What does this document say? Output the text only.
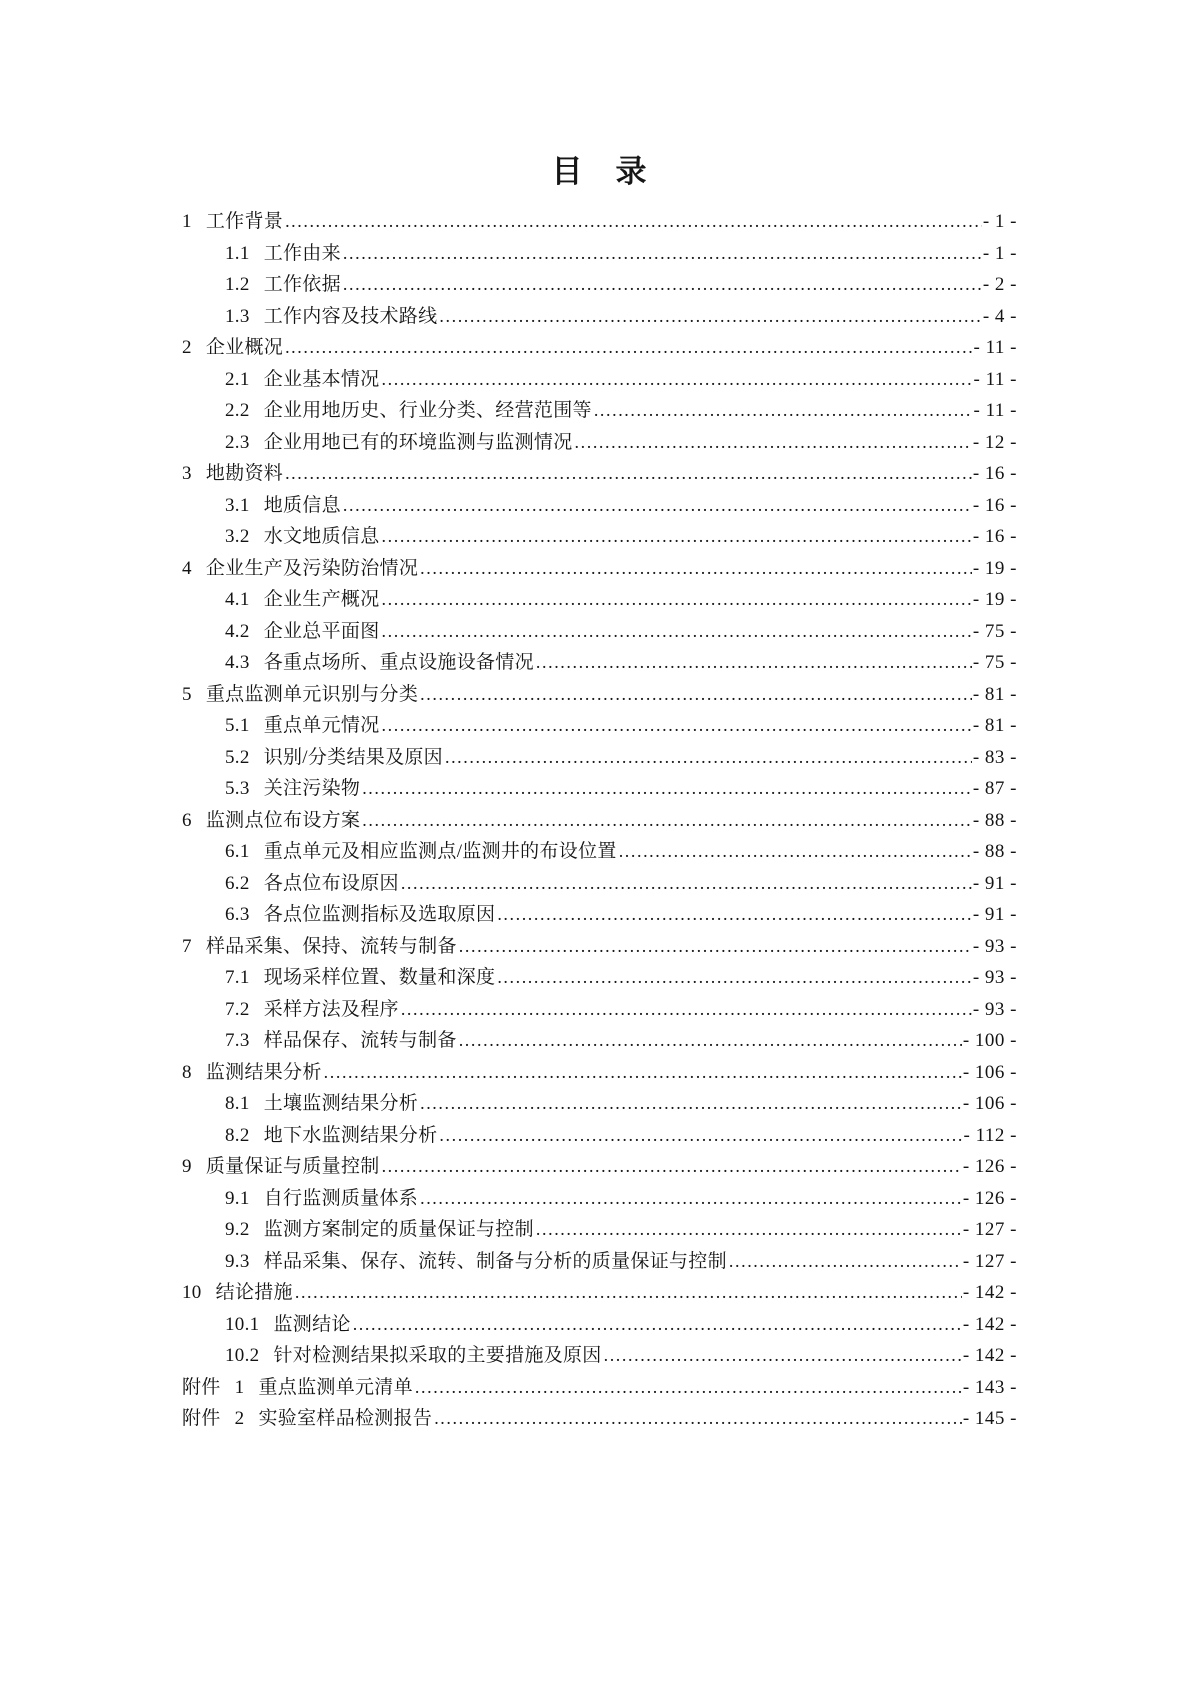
目　录
1 工作背景 .....	- 1 -
1.1 工作由来 .....	- 1 -
1.2 工作依据 .....	- 2 -
1.3 工作内容及技术路线 .....	- 4 -
2 企业概况 .....	- 11 -
2.1 企业基本情况 .....	- 11 -
2.2 企业用地历史、行业分类、经营范围等 .....	- 11 -
2.3 企业用地已有的环境监测与监测情况 .....	- 12 -
3 地勘资料 .....	- 16 -
3.1 地质信息 .....	- 16 -
3.2 水文地质信息 .....	- 16 -
4 企业生产及污染防治情况 .....	- 19 -
4.1 企业生产概况 .....	- 19 -
4.2 企业总平面图 .....	- 75 -
4.3 各重点场所、重点设施设备情况 .....	- 75 -
5 重点监测单元识别与分类 .....	- 81 -
5.1 重点单元情况 .....	- 81 -
5.2 识别/分类结果及原因 .....	- 83 -
5.3 关注污染物 .....	- 87 -
6 监测点位布设方案 .....	- 88 -
6.1 重点单元及相应监测点/监测井的布设位置 .....	- 88 -
6.2 各点位布设原因 .....	- 91 -
6.3 各点位监测指标及选取原因 .....	- 91 -
7 样品采集、保持、流转与制备 .....	- 93 -
7.1 现场采样位置、数量和深度 .....	- 93 -
7.2 采样方法及程序 .....	- 93 -
7.3 样品保存、流转与制备 .....	- 100 -
8 监测结果分析 .....	- 106 -
8.1 土壤监测结果分析 .....	- 106 -
8.2 地下水监测结果分析 .....	- 112 -
9 质量保证与质量控制 .....	- 126 -
9.1 自行监测质量体系 .....	- 126 -
9.2 监测方案制定的质量保证与控制 .....	- 127 -
9.3 样品采集、保存、流转、制备与分析的质量保证与控制 .....	- 127 -
10 结论措施 .....	- 142 -
10.1 监测结论 .....	- 142 -
10.2 针对检测结果拟采取的主要措施及原因 .....	- 142 -
附件 1 重点监测单元清单 .....	- 143 -
附件 2 实验室样品检测报告 .....	- 145 -
